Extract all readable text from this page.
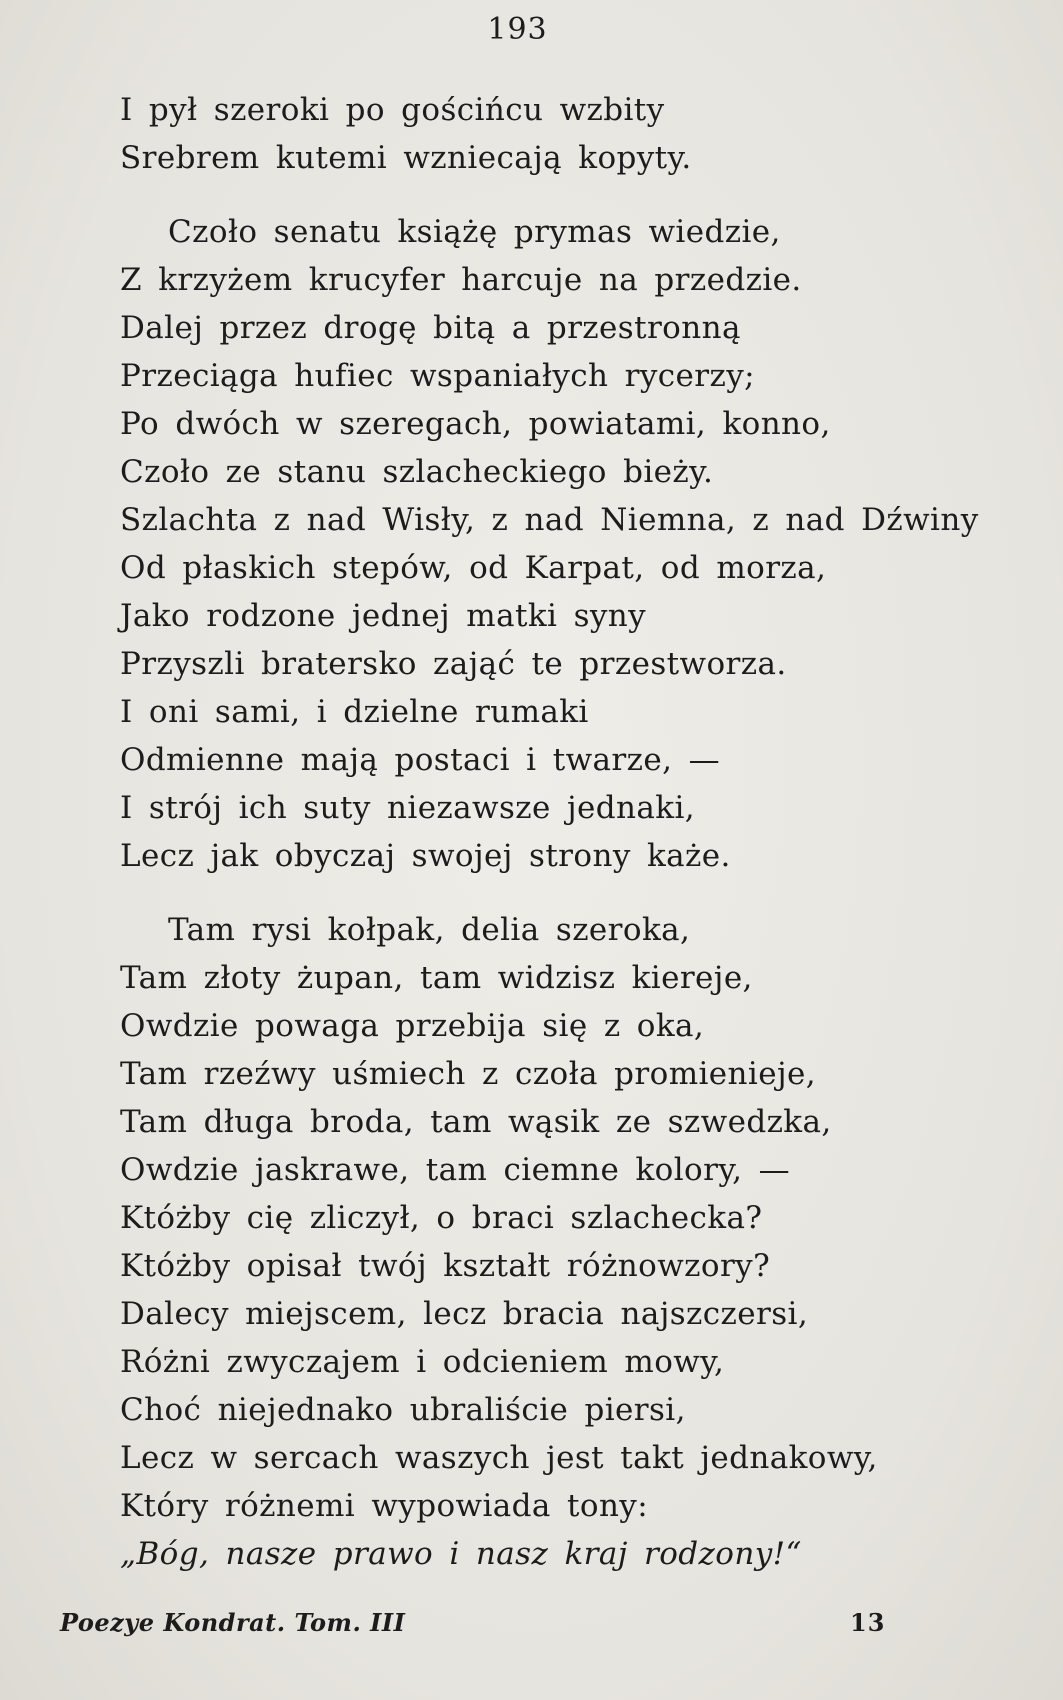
193
I pył szeroki po gościńcu wzbity
Srebrem kutemi wzniecają kopyty.
Czoło senatu książę prymas wiedzie,
Z krzyżem krucyfer harcuje na przedzie.
Dalej przez drogę bitą a przestronną
Przeciąga hufiec wspaniałych rycerzy;
Po dwóch w szeregach, powiatami, konno,
Czoło ze stanu szlacheckiego bieży.
Szlachta z nad Wisły, z nad Niemna, z nad Dźwiny
Od płaskich stepów, od Karpat, od morza,
Jako rodzone jednej matki syny
Przyszli bratersko zająć te przestworza.
I oni sami, i dzielne rumaki
Odmienne mają postaci i twarze, —
I strój ich suty niezawsze jednaki,
Lecz jak obyczaj swojej strony każe.
Tam rysi kołpak, delia szeroka,
Tam złoty żupan, tam widzisz kiereje,
Owdzie powaga przebija się z oka,
Tam rzeźwy uśmiech z czoła promienieje,
Tam długa broda, tam wąsik ze szwedzka,
Owdzie jaskrawe, tam ciemne kolory, —
Któżby cię zliczył, o braci szlachecka?
Któżby opisał twój kształt różnowzory?
Dalecy miejscem, lecz bracia najszczersi,
Różni zwyczajem i odcieniem mowy,
Choć niejednako ubraliście piersi,
Lecz w sercach waszych jest takt jednakowy,
Który różnemi wypowiada tony:
„Bóg, nasze prawo i nasz kraj rodzony!“
Poezye Kondrat. Tom. III	13
